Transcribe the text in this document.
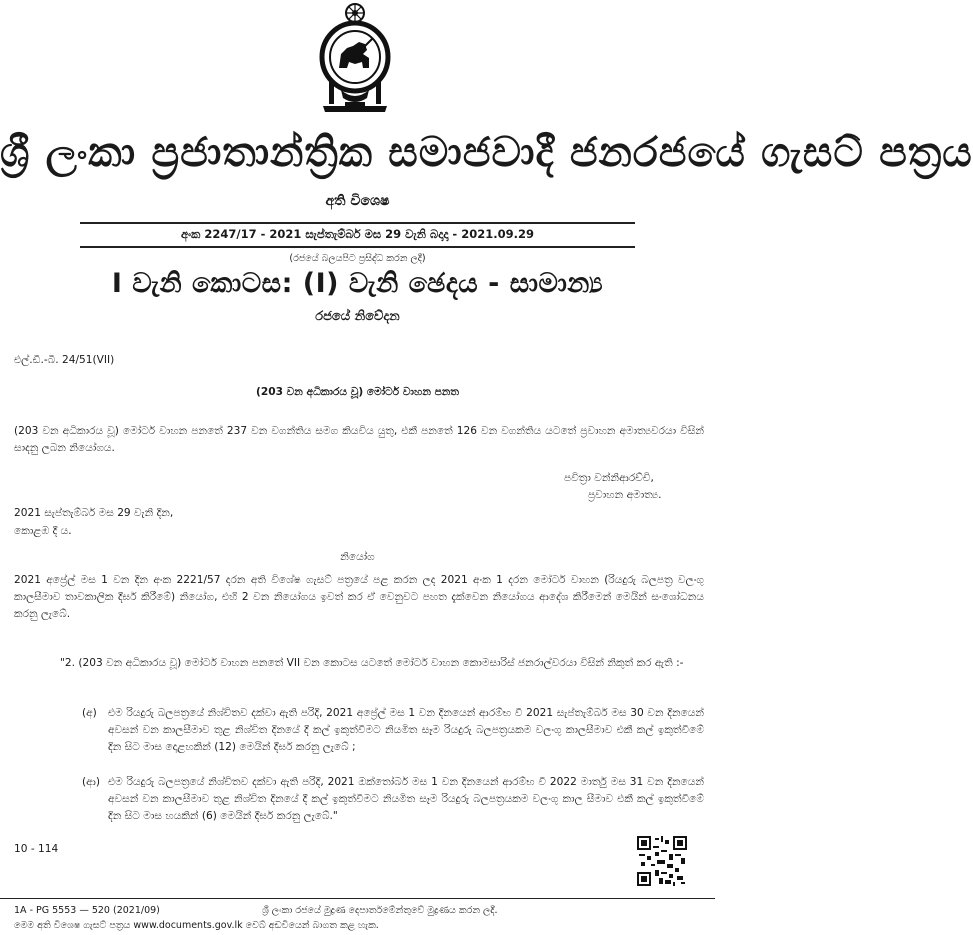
ශ්‍රී ලංකා ප්‍රජාතාන්ත්‍රික සමාජවාදී ජනරජයේ ගැසට් පත්‍රය
අති විශෙෂ
අංක 2247/17 - 2021 සැප්තැම්බර් මස 29 වැනි බදාදා - 2021.09.29
(රජයේ බලයපිට ප්‍රසිද්ධ කරන ලදී)
I වැනි කොටස: (I) වැනි ඡෙදය - සාමාන්‍ය
රජයේ නිවේදන
එල්.ඩී.-බී. 24/51(VII)
(203 වන අධිකාරය වූ) මෝටර් වාහන පනත
(203 වන අධිකාරය වූ) මෝටර් වාහන පනතේ 237 වන වගන්තිය සමග කියවිය යුතු, එකී පනතේ 126 වන වගන්තිය යටතේ ප්‍රවාහන අමාත්‍යවරයා විසින් සාදනු ලබන නියෝගය.
පවිත්‍රා වන්නිආරච්චි,
ප්‍රවාහන අමාත්‍ය.
2021 සැප්තැම්බර් මස 29 වැනි දින,
කොළඹ දී ය.
නියෝග
2021 අප්‍රේල් මස 1 වන දින අංක 2221/57 දරන අති විශේෂ ගැසට් පත්‍රයේ පළ කරන ලද 2021 අංක 1 දරන මෝටර් වාහන (රියදුරු බලපත්‍ර වලංගු කාලසීමාව තාවකාලික දීර්ඝ කිරීමේ) නියෝග, එහි 2 වන නියෝගය ඉවත් කර ඒ වෙනුවට පහත දැක්වෙන නියෝගය ආදේශ කිරීමෙන් මෙයින් සංශෝධනය කරනු ලැබේ.
"2. (203 වන අධිකාරය වූ) මෝටර් වාහන පනතේ VII වන කොටස යටතේ මෝටර් වාහන කොමසාරිස් ජනරාල්වරයා විසින් නිකුත් කර ඇති :-
(අ) එම රියදුරු බලපත්‍රයේ නිශ්චිතව දක්වා ඇති පරිදි, 2021 අප්‍රේල් මස 1 වන දිනයෙන් ආරම්භ වී 2021 සැප්තැම්බර් මස 30 වන දිනයෙන් අවසන් වන කාලසීමාව තුළ නිශ්චිත දිනයේ දී කල් ඉකුත්වීමට නියමිත සෑම රියදුරු බලපත්‍රයකම වලංගු කාලසීමාව එකී කල් ඉකුත්වීමේ දින සිට මාස දොළහකින් (12) මෙයින් දීර්ඝ කරනු ලැබේ ;
(ආ) එම රියදුරු බලපත්‍රයේ නිශ්චිතව දක්වා ඇති පරිදි, 2021 ඔක්තෝබර් මස 1 වන දිනයෙන් ආරම්භ වී 2022 මාර්තු මස 31 වන දිනයෙන් අවසන් වන කාලසීමාව තුළ නිශ්චිත දිනයේ දී කල් ඉකුත්වීමට නියමිත සෑම රියදුරු බලපත්‍රයකම වලංගු කාල සීමාව එකී කල් ඉකුත්වීමේ දින සිට මාස හයකින් (6) මෙයින් දීර්ඝ කරනු ලැබේ."
10 - 114
1A - PG 5553 — 520 (2021/09)	ශ්‍රී ලංකා රජයේ මුද්‍රණ දෙපාර්තමේන්තුවේ මුද්‍රණය කරන ලදී.
මෙම අති විශෙෂ ගැසට් පත්‍රය www.documents.gov.lk වෙබ් අඩවියෙන් බාගත කළ හැක.
